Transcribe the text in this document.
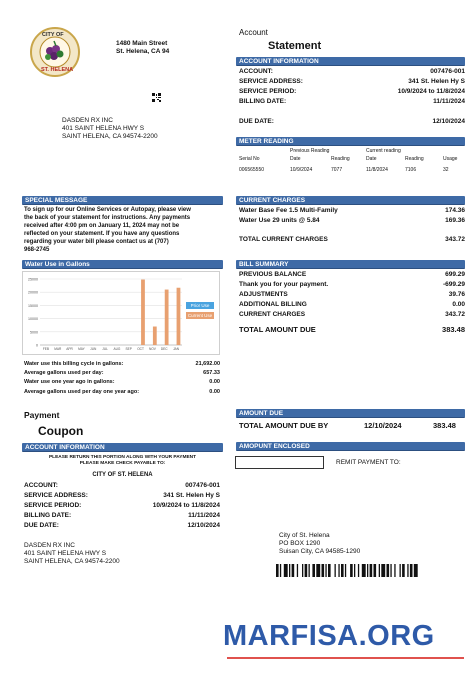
CITY OF
ST. HELENA
1480 Main Street
St. Helena, CA 94
DASDEN RX INC
401 SAINT HELENA HWY S
SAINT HELENA, CA 94574-2200
Account
Statement
ACCOUNT INFORMATION
ACCOUNT:	007476-001
SERVICE ADDRESS:	341 St. Helen Hy S
SERVICE PERIOD:	10/9/2024 to 11/8/2024
BILLING DATE:	11/11/2024
DUE DATE:	12/10/2024
METER READING
Previous Reading	Current reading
Serial No	Date	Reading	Date	Reading	Usage
006565550	10/9/2024	7077	11/8/2024	7106	32
SPECIAL MESSAGE
To sign up for our Online Services or Autopay, please view
the back of your statement for instructions. Any payments
received after 4:00 pm on January 11, 2024 may not be
reflected on your statement. If you have any questions
regarding your water bill please contact us at (707)
968-2745
CURRENT CHARGES
Water Base Fee 1.5 Multi-Family	174.36
Water Use 29 units @ 5.84	169.36
TOTAL CURRENT CHARGES	343.72
Water Use in Gallons
25000
20000
15000
10000
5000
0
FEB MAR APR MAY JUN JUL AUG SEP OCT NOV DEC JAN
Prior Use
Current Use
Water use this billing cycle in gallons:	21,692.00
Average gallons used per day:	657.33
Water use one year ago in gallons:	0.00
Average gallons used per day one year ago:	0.00
BILL SUMMARY
PREVIOUS BALANCE	699.29
Thank you for your payment.	-699.29
ADJUSTMENTS	39.76
ADDITIONAL BILLING	0.00
CURRENT CHARGES	343.72
TOTAL AMOUNT DUE	383.48
Payment
Coupon
ACCOUNT INFORMATION
PLEASE RETURN THIS PORTION ALONG WITH YOUR PAYMENT
PLEASE MAKE CHECK PAYABLE TO:
CITY OF ST. HELENA
ACCOUNT:	007476-001
SERVICE ADDRESS:	341 St. Helen Hy S
SERVICE PERIOD:	10/9/2024 to 11/8/2024
BILLING DATE:	11/11/2024
DUE DATE:	12/10/2024
DASDEN RX INC
401 SAINT HELENA HWY S
SAINT HELENA, CA 94574-2200
AMOUNT DUE
TOTAL AMOUNT DUE BY	12/10/2024	383.48
AMOPUNT ENCLOSED
REMIT PAYMENT TO:
City of St. Helena
PO BOX 1290
Suisan City, CA 94585-1290
MARFISA.ORG
